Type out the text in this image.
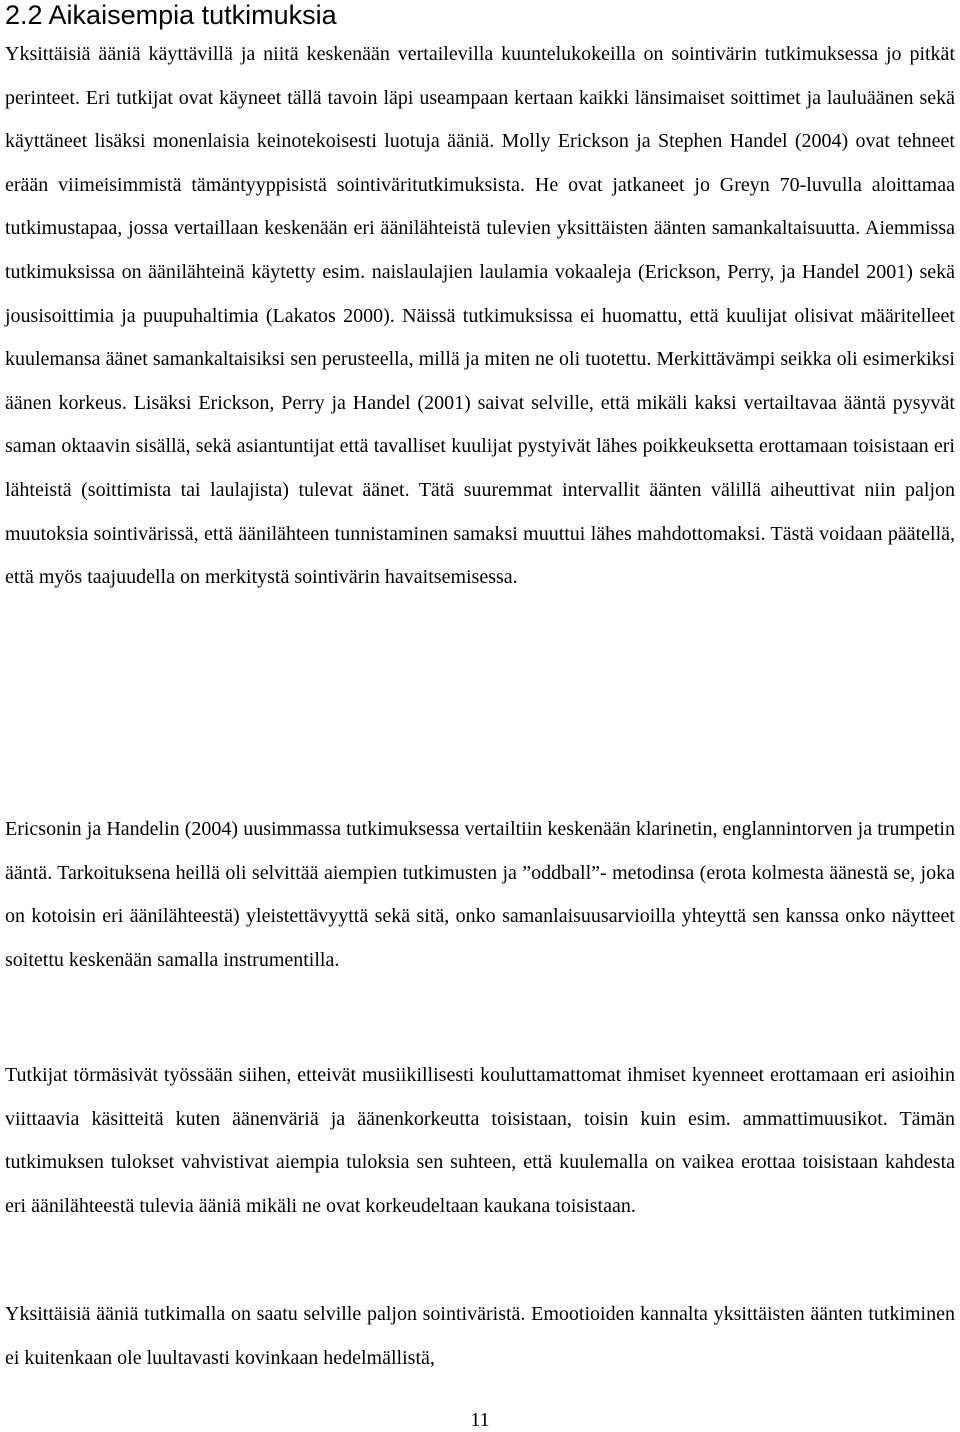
2.2 Aikaisempia tutkimuksia

Yksittäisiä ääniä käyttävillä ja niitä keskenään vertailevilla kuuntelukokeilla on sointivärin tutkimuksessa jo pitkät perinteet. Eri tutkijat ovat käyneet tällä tavoin läpi useampaan kertaan kaikki länsimaiset soittimet ja lauluäänen sekä käyttäneet lisäksi monenlaisia keinotekoisesti luotuja ääniä. Molly Erickson ja Stephen Handel (2004) ovat tehneet erään viimeisimmistä tämäntyyppisistä sointiväritutkimuksista. He ovat jatkaneet jo Greyn 70-luvulla aloittamaa tutkimustapaa, jossa vertaillaan keskenään eri äänilähteistä tulevien yksittäisten äänten samankaltaisuutta. Aiemmissa tutkimuksissa on äänilähteinä käytetty esim. naislaulajien laulamia vokaaleja (Erickson, Perry, ja Handel 2001) sekä jousisoittimia ja puupuhaltimia (Lakatos 2000). Näissä tutkimuksissa ei huomattu, että kuulijat olisivat määritelleet kuulemansa äänet samankaltaisiksi sen perusteella, millä ja miten ne oli tuotettu. Merkittävämpi seikka oli esimerkiksi äänen korkeus. Lisäksi Erickson, Perry ja Handel (2001) saivat selville, että mikäli kaksi vertailtavaa ääntä pysyvät saman oktaavin sisällä, sekä asiantuntijat että tavalliset kuulijat pystyivät lähes poikkeuksetta erottamaan toisistaan eri lähteistä (soittimista tai laulajista) tulevat äänet. Tätä suuremmat intervallit äänten välillä aiheuttivat niin paljon muutoksia sointivärissä, että äänilähteen tunnistaminen samaksi muuttui lähes mahdottomaksi. Tästä voidaan päätellä, että myös taajuudella on merkitystä sointivärin havaitsemisessa.

Ericsonin ja Handelin (2004) uusimmassa tutkimuksessa vertailtiin keskenään klarinetin, englannintorven ja trumpetin ääntä. Tarkoituksena heillä oli selvittää aiempien tutkimusten ja ”oddball”- metodinsa (erota kolmesta äänestä se, joka on kotoisin eri äänilähteestä) yleistettävyyttä sekä sitä, onko samanlaisuusarvioilla yhteyttä sen kanssa onko näytteet soitettu keskenään samalla instrumentilla.

Tutkijat törmäsivät työssään siihen, etteivät musiikillisesti kouluttamattomat ihmiset kyenneet erottamaan eri asioihin viittaavia käsitteitä kuten äänenväriä ja äänenkorkeutta toisistaan, toisin kuin esim. ammattimuusikot. Tämän tutkimuksen tulokset vahvistivat aiempia tuloksia sen suhteen, että kuulemalla on vaikea erottaa toisistaan kahdesta eri äänilähteestä tulevia ääniä mikäli ne ovat korkeudeltaan kaukana toisistaan.

Yksittäisiä ääniä tutkimalla on saatu selville paljon sointiväristä. Emootioiden kannalta yksittäisten äänten tutkiminen ei kuitenkaan ole luultavasti kovinkaan hedelmällistä,

11
